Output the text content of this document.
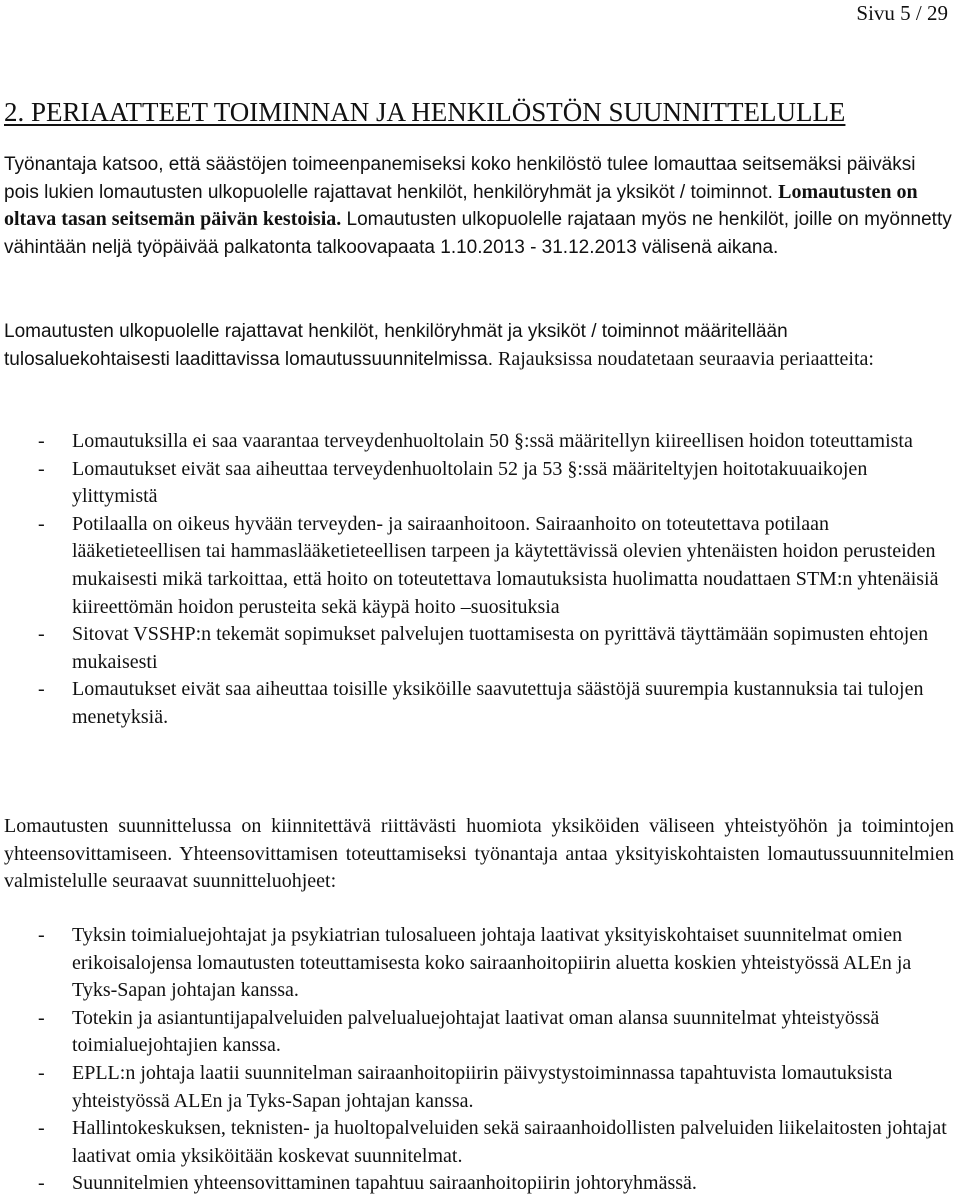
Sivu 5 / 29
2. PERIAATTEET TOIMINNAN JA HENKILÖSTÖN SUUNNITTELULLE
Työnantaja katsoo, että säästöjen toimeenpanemiseksi koko henkilöstö tulee lomauttaa seitsemäksi päiväksi pois lukien lomautusten ulkopuolelle rajattavat henkilöt, henkilöryhmät ja yksiköt / toiminnot. Lomautusten on oltava tasan seitsemän päivän kestoisia. Lomautusten ulkopuolelle rajataan myös ne henkilöt, joille on myönnetty vähintään neljä työpäivää palkatonta talkoovapaata 1.10.2013 - 31.12.2013 välisenä aikana.
Lomautusten ulkopuolelle rajattavat henkilöt, henkilöryhmät ja yksiköt / toiminnot määritellään tulosaluekohtaisesti laadittavissa lomautussuunnitelmissa. Rajauksissa noudatetaan seuraavia periaatteita:
- Lomautuksilla ei saa vaarantaa terveydenhuoltolain 50 §:ssä määritellyn kiireellisen hoidon toteuttamista
- Lomautukset eivät saa aiheuttaa terveydenhuoltolain 52 ja 53 §:ssä määriteltyjen hoitotakuuaikojen ylittymistä
- Potilaalla on oikeus hyvään terveyden- ja sairaanhoitoon. Sairaanhoito on toteutettava potilaan lääketieteellisen tai hammaslääketieteellisen tarpeen ja käytettävissä olevien yhtenäisten hoidon perusteiden mukaisesti mikä tarkoittaa, että hoito on toteutettava lomautuksista huolimatta noudattaen STM:n yhtenäisiä kiireettömän hoidon perusteita sekä käypä hoito –suosituksia
- Sitovat VSSHP:n tekemät sopimukset palvelujen tuottamisesta on pyrittävä täyttämään sopimusten ehtojen mukaisesti
- Lomautukset eivät saa aiheuttaa toisille yksiköille saavutettuja säästöjä suurempia kustannuksia tai tulojen menetyksiä.
Lomautusten suunnittelussa on kiinnitettävä riittävästi huomiota yksiköiden väliseen yhteistyöhön ja toimintojen yhteensovittamiseen. Yhteensovittamisen toteuttamiseksi työnantaja antaa yksityiskohtaisten lomautussuunnitelmien valmistelulle seuraavat suunnitteluohjeet:
- Tyksin toimialuejohtajat ja psykiatrian tulosalueen johtaja laativat yksityiskohtaiset suunnitelmat omien erikoisalojensa lomautusten toteuttamisesta koko sairaanhoitopiirin aluetta koskien yhteistyössä ALEn ja Tyks-Sapan johtajan kanssa.
- Totekin ja asiantuntijapalveluiden palvelualuejohtajat laativat oman alansa suunnitelmat yhteistyössä toimialuejohtajien kanssa.
- EPLL:n johtaja laatii suunnitelman sairaanhoitopiirin päivystystoiminnassa tapahtuvista lomautuksista yhteistyössä ALEn ja Tyks-Sapan johtajan kanssa.
- Hallintokeskuksen, teknisten- ja huoltopalveluiden sekä sairaanhoidollisten palveluiden liikelaitosten johtajat laativat omia yksiköitään koskevat suunnitelmat.
- Suunnitelmien yhteensovittaminen tapahtuu sairaanhoitopiirin johtoryhmässä.
